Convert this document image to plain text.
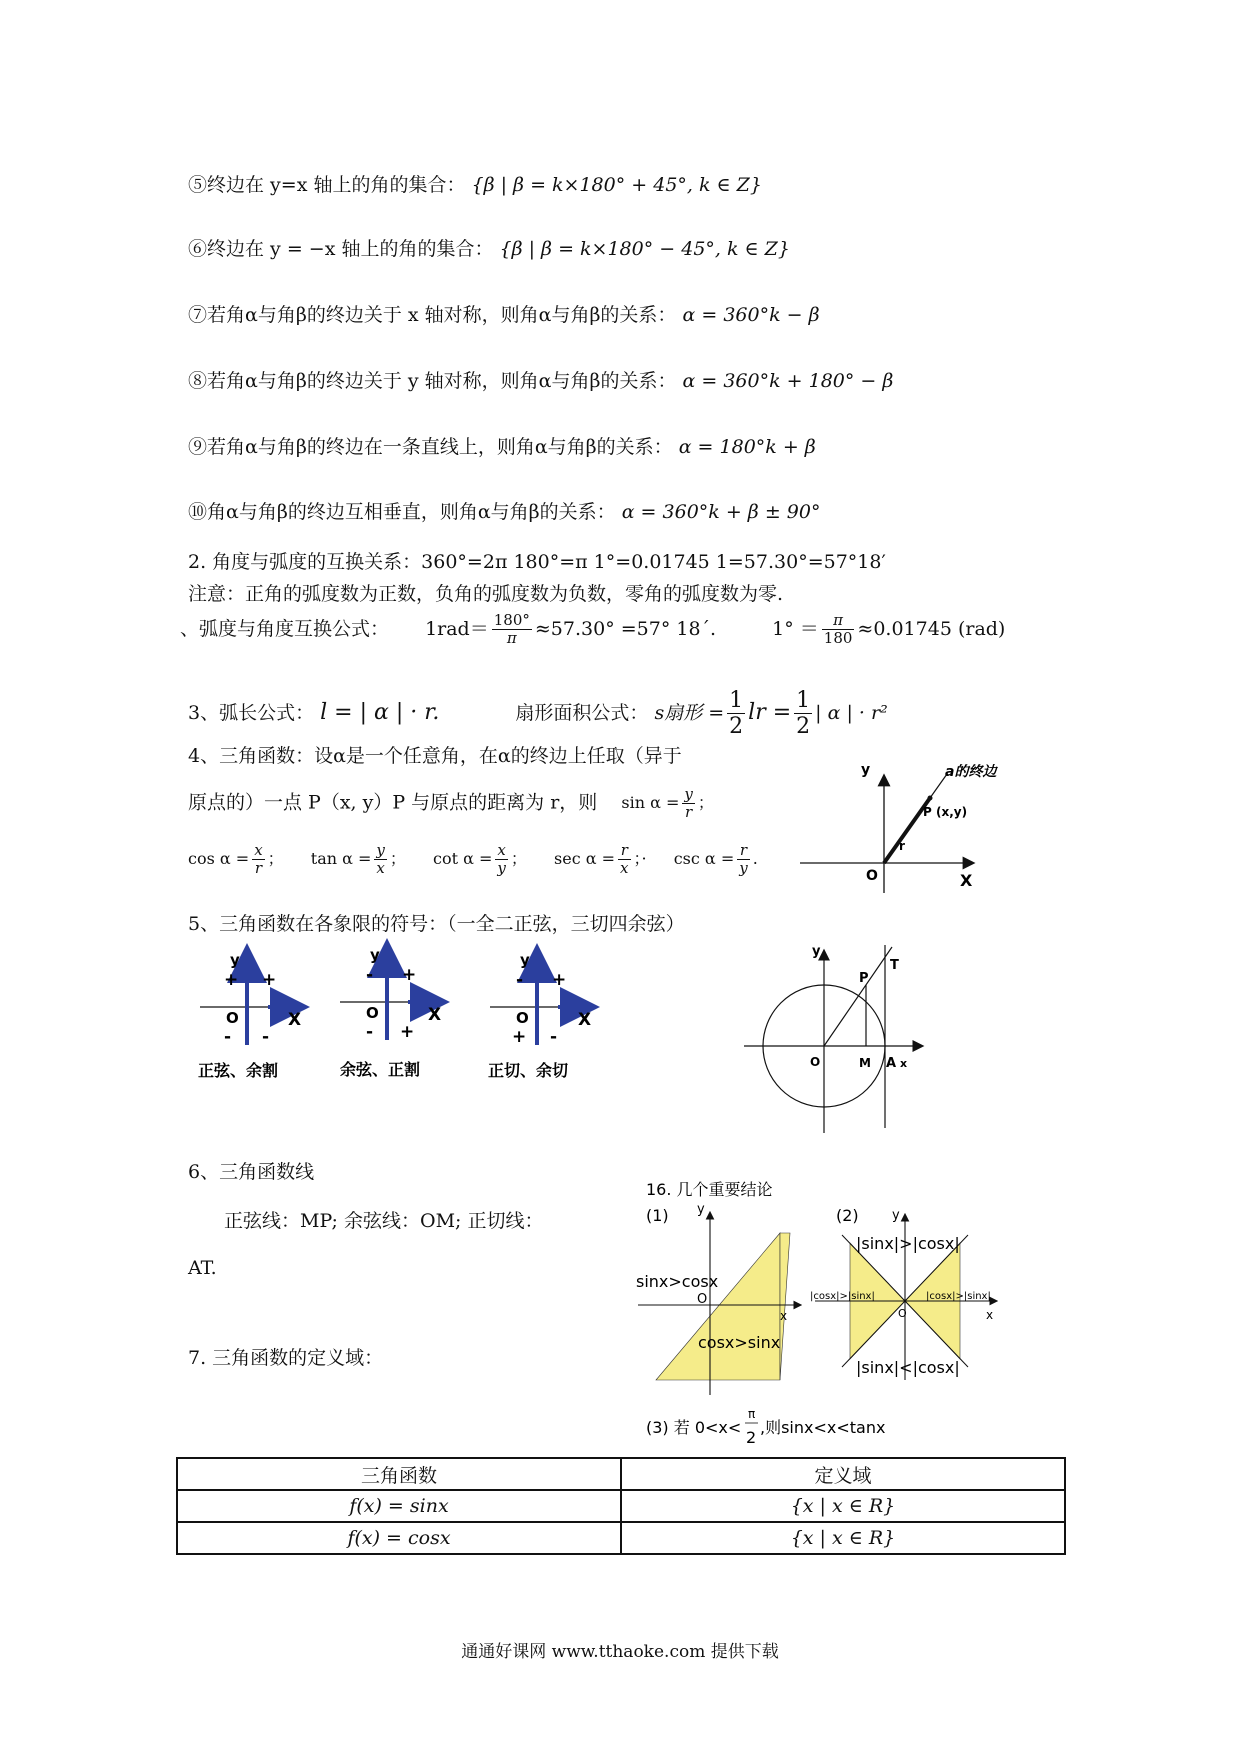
⑤终边在 y=x 轴上的角的集合： {β | β = k×180° + 45°, k ∈ Z}
⑥终边在 y = −x 轴上的角的集合： {β | β = k×180° − 45°, k ∈ Z}
⑦若角α与角β的终边关于 x 轴对称，则角α与角β的关系： α = 360°k − β
⑧若角α与角β的终边关于 y 轴对称，则角α与角β的关系： α = 360°k + 180° − β
⑨若角α与角β的终边在一条直线上，则角α与角β的关系： α = 180°k + β
⑩角α与角β的终边互相垂直，则角α与角β的关系： α = 360°k + β ± 90°
2. 角度与弧度的互换关系：360°=2π 180°=π 1°=0.01745 1=57.30°=57°18′
注意：正角的弧度数为正数，负角的弧度数为负数，零角的弧度数为零.
、弧度与角度互换公式： $1rad= \frac{180^\circ}{\pi} \approx 57.30^\circ =57^\circ$ 18´.	$1^\circ = \frac{\pi}{180} \approx 0.01745$ (rad)
3、弧长公式： l = | α | · r.	扇形面积公式： s扇形 = $\frac{1}{2}$ lr = $\frac{1}{2}$ | α | · r²
4、三角函数：设α是一个任意角，在α的终边上任取（异于
原点的）一点 P（x, y）P 与原点的距离为 r，则 $\sin \alpha = \frac{y}{r}$ ；
$\cos \alpha = \frac{x}{r}$ ； $\tan \alpha = \frac{y}{x}$ ； $\cot \alpha = \frac{x}{y}$ ； $\sec \alpha = \frac{r}{x}$ ；· $\csc \alpha = \frac{r}{y}$ .
y	a的终边
P (x,y)
r
O	X
5、三角函数在各象限的符号：（一全二正弦，三切四余弦）
y
+ +
O
- -
X
正弦、余割
y
- +
O
- +
X
余弦、正割
y
- +
O
+ -
X
正切、余切
y
T
P
O	M A x
6、三角函数线
正弦线：MP; 余弦线：OM; 正切线：
AT.
7. 三角函数的定义域：
16. 几个重要结论
(1) y
x
O
sinx>cosx
cosx>sinx
(2)	y
x
O
|sinx|>|cosx|
|cosx|>|sinx|	|cosx|>|sinx|
|sinx|<|cosx|
(3) 若 0<x<
π
2
,则sinx<x<tanx
三角函数	定义域
f(x) = sinx	{x | x ∈ R}
f(x) = cosx	{x | x ∈ R}
通通好课网 www.tthaoke.com 提供下载
